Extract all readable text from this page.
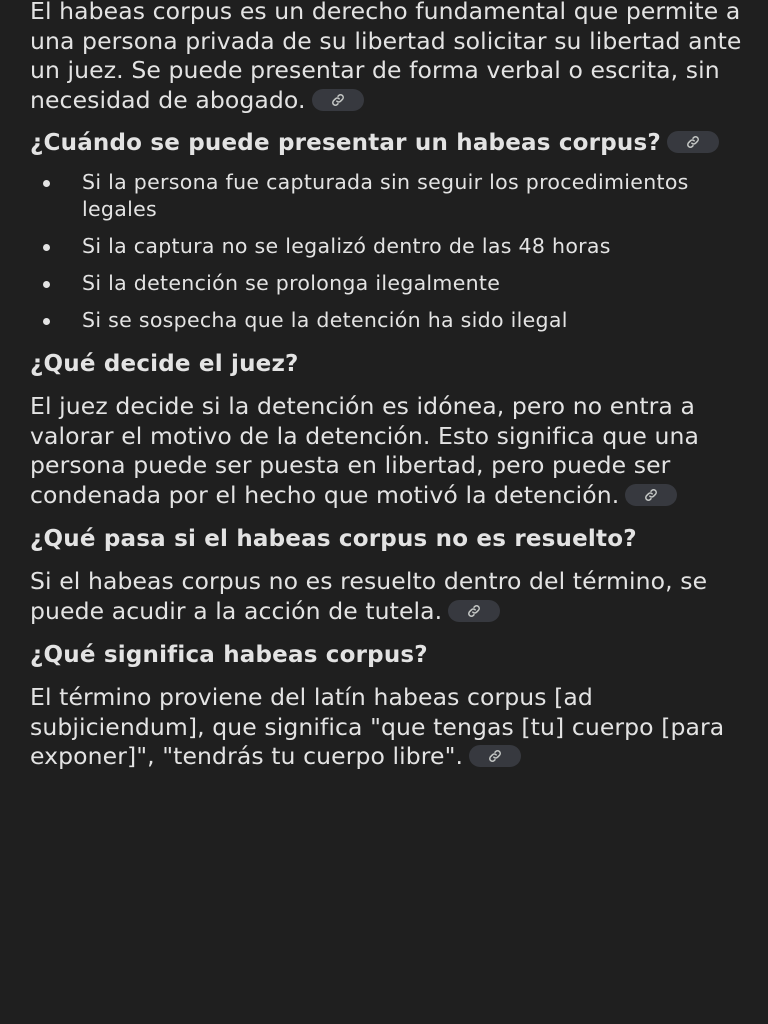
El habeas corpus es un derecho fundamental que permite a una persona privada de su libertad solicitar su libertad ante un juez. Se puede presentar de forma verbal o escrita, sin necesidad de abogado.

¿Cuándo se puede presentar un habeas corpus?
Si la persona fue capturada sin seguir los procedimientos legales
Si la captura no se legalizó dentro de las 48 horas
Si la detención se prolonga ilegalmente
Si se sospecha que la detención ha sido ilegal
¿Qué decide el juez?

El juez decide si la detención es idónea, pero no entra a valorar el motivo de la detención. Esto significa que una persona puede ser puesta en libertad, pero puede ser condenada por el hecho que motivó la detención.

¿Qué pasa si el habeas corpus no es resuelto?

Si el habeas corpus no es resuelto dentro del término, se puede acudir a la acción de tutela.

¿Qué significa habeas corpus?

El término proviene del latín habeas corpus [ad subjiciendum], que significa "que tengas [tu] cuerpo [para exponer]", "tendrás tu cuerpo libre".
